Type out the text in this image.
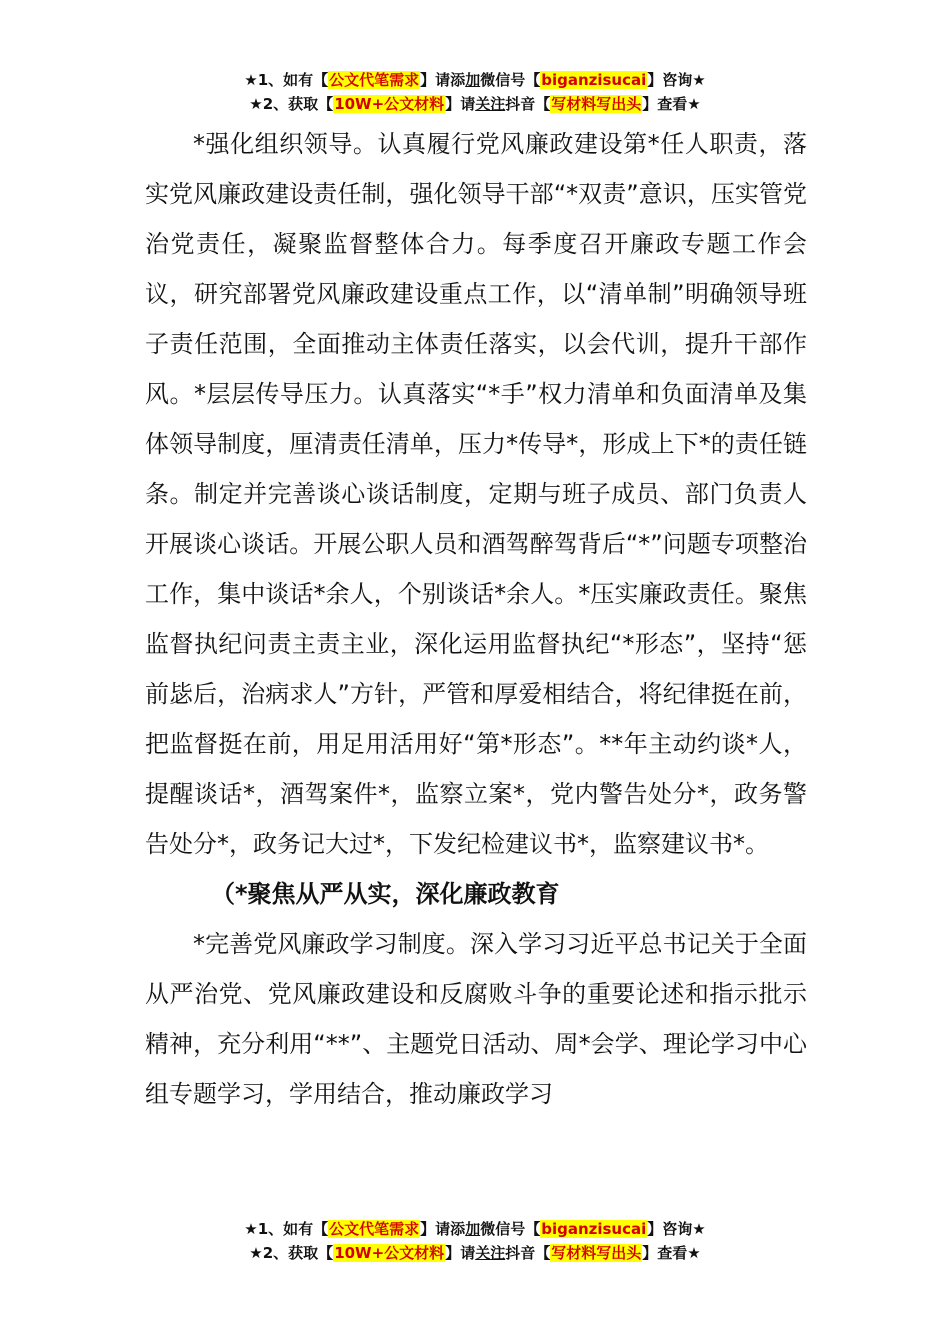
★1、如有【公文代笔需求】请添加微信号【biganzisucai】咨询★
★2、获取【10W+公文材料】请关注抖音【写材料写出头】查看★

*强化组织领导。认真履行党风廉政建设第*任人职责，落实党风廉政建设责任制，强化领导干部“*双责”意识，压实管党治党责任，凝聚监督整体合力。每季度召开廉政专题工作会议，研究部署党风廉政建设重点工作，以“清单制”明确领导班子责任范围，全面推动主体责任落实，以会代训，提升干部作风。*层层传导压力。认真落实“*手”权力清单和负面清单及集体领导制度，厘清责任清单，压力*传导*，形成上下*的责任链条。制定并完善谈心谈话制度，定期与班子成员、部门负责人开展谈心谈话。开展公职人员和酒驾醉驾背后“*”问题专项整治工作，集中谈话*余人，个别谈话*余人。*压实廉政责任。聚焦监督执纪问责主责主业，深化运用监督执纪“*形态”，坚持“惩前毖后，治病求人”方针，严管和厚爱相结合，将纪律挺在前，把监督挺在前，用足用活用好“第*形态”。**年主动约谈*人，提醒谈话*，酒驾案件*，监察立案*，党内警告处分*，政务警告处分*，政务记大过*，下发纪检建议书*，监察建议书*。

（*聚焦从严从实，深化廉政教育

*完善党风廉政学习制度。深入学习习近平总书记关于全面从严治党、党风廉政建设和反腐败斗争的重要论述和指示批示精神，充分利用“**”、主题党日活动、周*会学、理论学习中心组专题学习，学用结合，推动廉政学习

★1、如有【公文代笔需求】请添加微信号【biganzisucai】咨询★
★2、获取【10W+公文材料】请关注抖音【写材料写出头】查看★
